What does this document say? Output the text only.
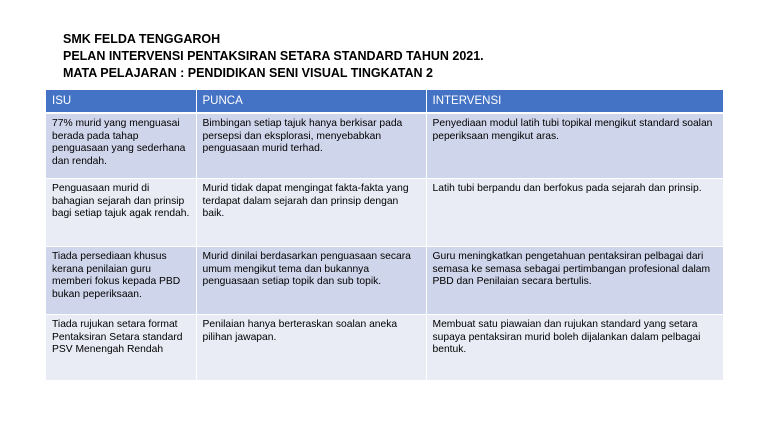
SMK FELDA TENGGAROH
PELAN INTERVENSI PENTAKSIRAN SETARA STANDARD TAHUN 2021.
MATA PELAJARAN : PENDIDIKAN SENI VISUAL TINGKATAN 2
ISU	PUNCA	INTERVENSI
77% murid yang menguasai berada pada tahap penguasaan yang sederhana dan rendah.	Bimbingan setiap tajuk hanya berkisar pada persepsi dan eksplorasi, menyebabkan penguasaan murid terhad.	Penyediaan modul latih tubi topikal mengikut standard soalan peperiksaan mengikut aras.
Penguasaan murid di bahagian sejarah dan prinsip bagi setiap tajuk agak rendah.	Murid tidak dapat mengingat fakta-fakta yang terdapat dalam sejarah dan prinsip dengan baik.	Latih tubi berpandu dan berfokus pada sejarah dan prinsip.
Tiada persediaan khusus kerana penilaian guru memberi fokus kepada PBD bukan peperiksaan.	Murid dinilai berdasarkan penguasaan secara umum mengikut tema dan bukannya penguasaan setiap topik dan sub topik.	Guru meningkatkan pengetahuan pentaksiran pelbagai dari semasa ke semasa sebagai pertimbangan profesional dalam PBD dan Penilaian secara bertulis.
Tiada rujukan setara format Pentaksiran Setara standard PSV Menengah Rendah	Penilaian hanya berteraskan soalan aneka pilihan jawapan.	Membuat satu piawaian dan rujukan standard yang setara supaya pentaksiran murid boleh dijalankan dalam pelbagai bentuk.
